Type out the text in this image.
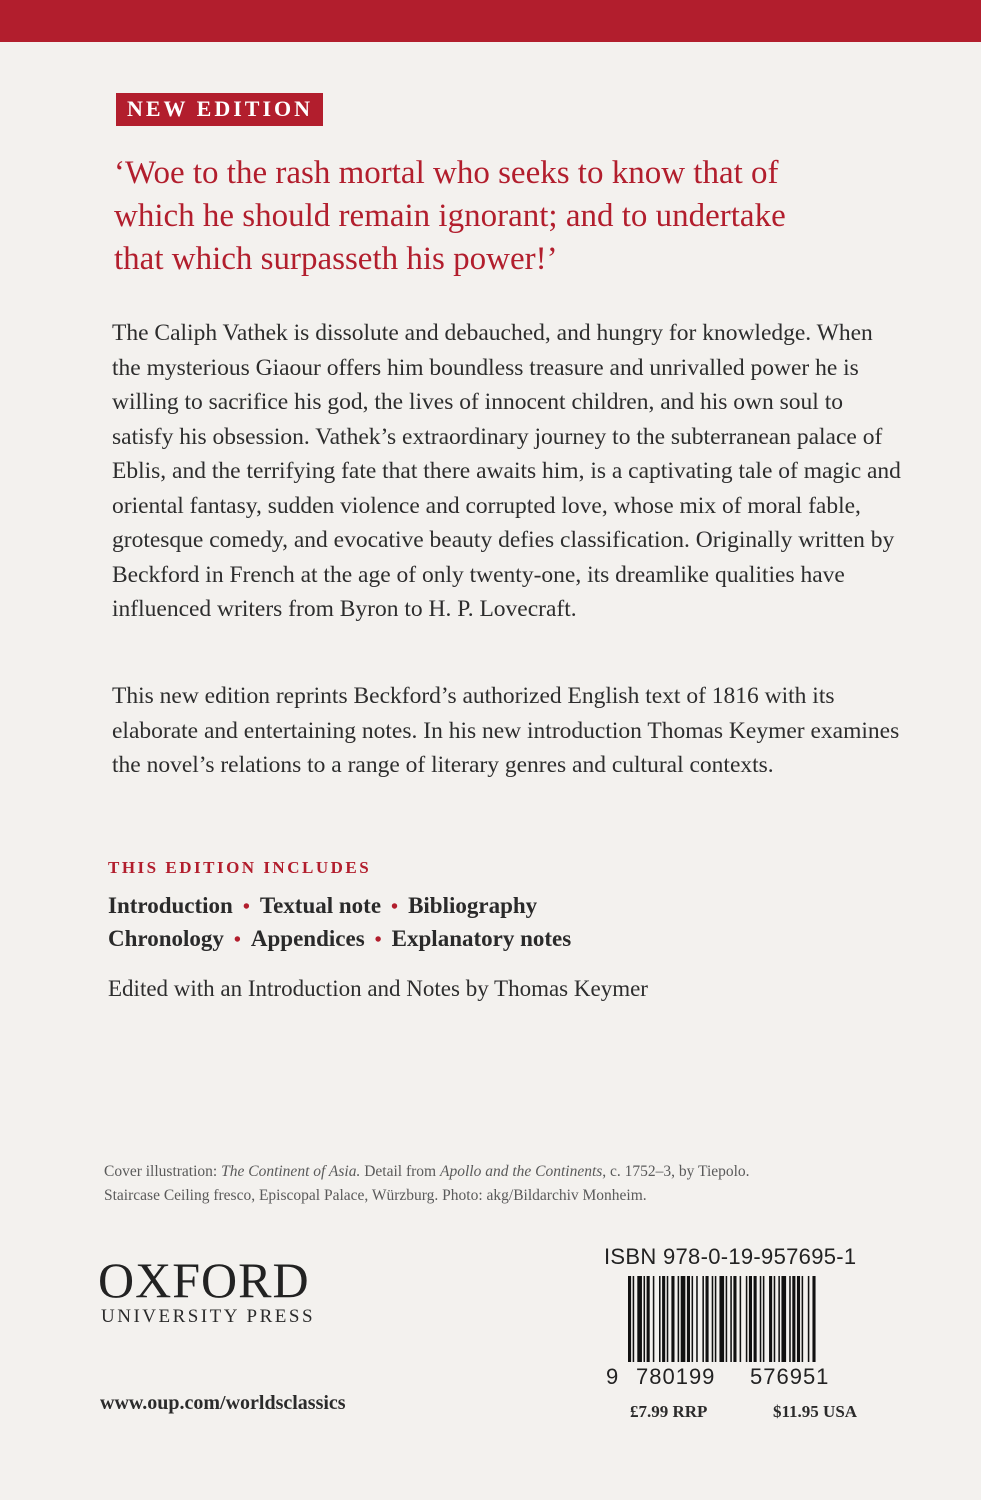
NEW EDITION
‘Woe to the rash mortal who seeks to know that of which he should remain ignorant; and to undertake that which surpasseth his power!’

The Caliph Vathek is dissolute and debauched, and hungry for knowledge. When the mysterious Giaour offers him boundless treasure and unrivalled power he is willing to sacrifice his god, the lives of innocent children, and his own soul to satisfy his obsession. Vathek’s extraordinary journey to the subterranean palace of Eblis, and the terrifying fate that there awaits him, is a captivating tale of magic and oriental fantasy, sudden violence and corrupted love, whose mix of moral fable, grotesque comedy, and evocative beauty defies classification. Originally written by Beckford in French at the age of only twenty-one, its dreamlike qualities have influenced writers from Byron to H. P. Lovecraft.

This new edition reprints Beckford’s authorized English text of 1816 with its elaborate and entertaining notes. In his new introduction Thomas Keymer examines the novel’s relations to a range of literary genres and cultural contexts.

THIS EDITION INCLUDES
Introduction • Textual note • Bibliography
Chronology • Appendices • Explanatory notes
Edited with an Introduction and Notes by Thomas Keymer
Cover illustration: The Continent of Asia. Detail from Apollo and the Continents, c. 1752–3, by Tiepolo.
Staircase Ceiling fresco, Episcopal Palace, Würzburg. Photo: akg/Bildarchiv Monheim.
OXFORD
UNIVERSITY PRESS
www.oup.com/worldsclassics
ISBN 978-0-19-957695-1
9 780199 576951
£7.99 RRP	$11.95 USA
